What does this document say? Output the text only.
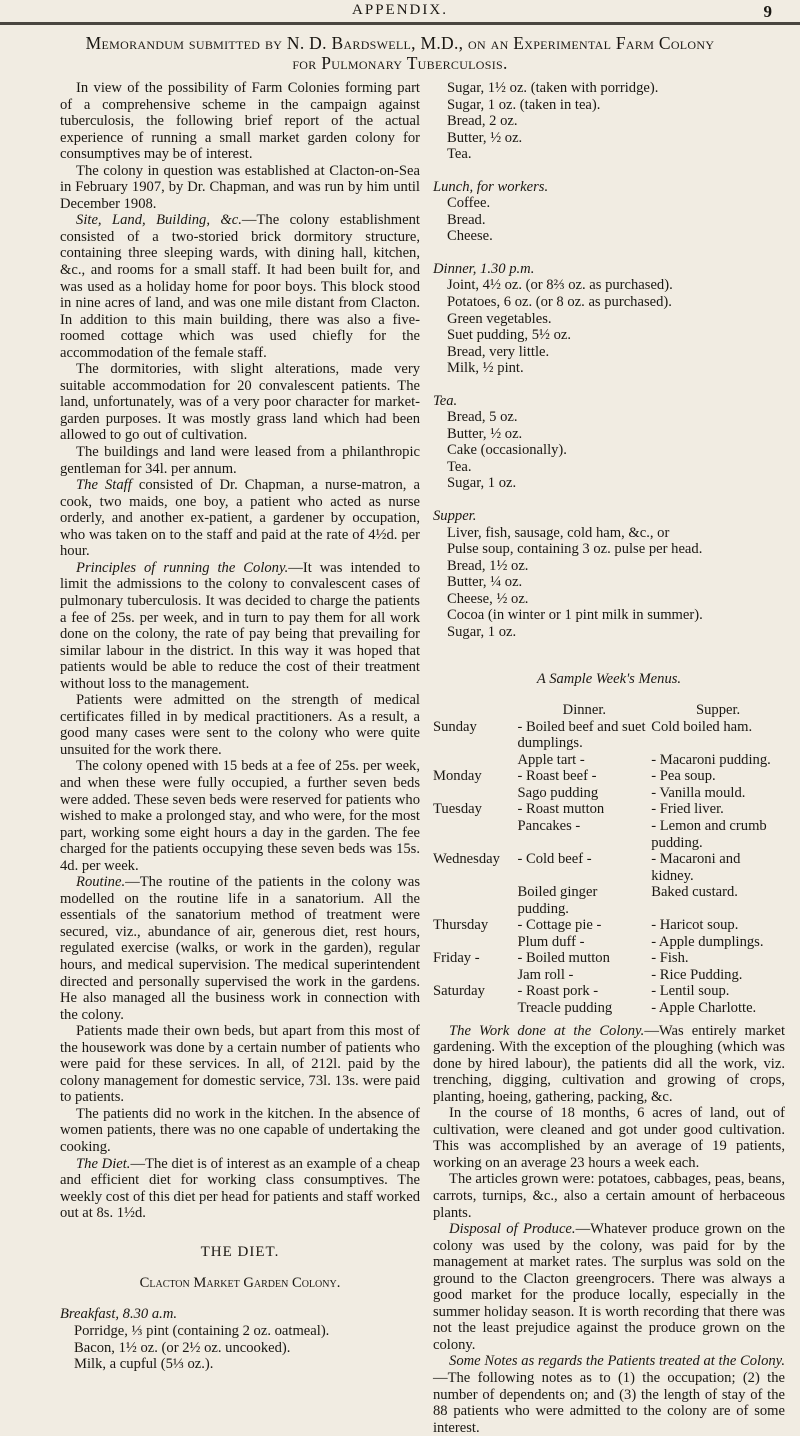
APPENDIX.	9
Memorandum submitted by N. D. Bardswell, M.D., on an Experimental Farm Colony
for Pulmonary Tuberculosis.

In view of the possibility of Farm Colonies forming part of a comprehensive scheme in the campaign against tuberculosis, the following brief report of the actual experience of running a small market garden colony for consumptives may be of interest.

The colony in question was established at Clacton-on-Sea in February 1907, by Dr. Chapman, and was run by him until December 1908.

Site, Land, Building, &c.—The colony establishment consisted of a two-storied brick dormitory structure, containing three sleeping wards, with dining hall, kitchen, &c., and rooms for a small staff. It had been built for, and was used as a holiday home for poor boys. This block stood in nine acres of land, and was one mile distant from Clacton. In addition to this main building, there was also a five-roomed cottage which was used chiefly for the accommodation of the female staff.

The dormitories, with slight alterations, made very suitable accommodation for 20 convalescent patients. The land, unfortunately, was of a very poor character for market-garden purposes. It was mostly grass land which had been allowed to go out of cultivation.

The buildings and land were leased from a philanthropic gentleman for 34l. per annum.

The Staff consisted of Dr. Chapman, a nurse-matron, a cook, two maids, one boy, a patient who acted as nurse orderly, and another ex-patient, a gardener by occupation, who was taken on to the staff and paid at the rate of 4½d. per hour.

Principles of running the Colony.—It was intended to limit the admissions to the colony to convalescent cases of pulmonary tuberculosis. It was decided to charge the patients a fee of 25s. per week, and in turn to pay them for all work done on the colony, the rate of pay being that prevailing for similar labour in the district. In this way it was hoped that patients would be able to reduce the cost of their treatment without loss to the management.

Patients were admitted on the strength of medical certificates filled in by medical practitioners. As a result, a good many cases were sent to the colony who were quite unsuited for the work there.

The colony opened with 15 beds at a fee of 25s. per week, and when these were fully occupied, a further seven beds were added. These seven beds were reserved for patients who wished to make a prolonged stay, and who were, for the most part, working some eight hours a day in the garden. The fee charged for the patients occupying these seven beds was 15s. 4d. per week.

Routine.—The routine of the patients in the colony was modelled on the routine life in a sanatorium. All the essentials of the sanatorium method of treatment were secured, viz., abundance of air, generous diet, rest hours, regulated exercise (walks, or work in the garden), regular hours, and medical supervision. The medical superintendent directed and personally supervised the work in the gardens. He also managed all the business work in connection with the colony.

Patients made their own beds, but apart from this most of the housework was done by a certain number of patients who were paid for these services. In all, of 212l. paid by the colony management for domestic service, 73l. 13s. were paid to patients.

The patients did no work in the kitchen. In the absence of women patients, there was no one capable of undertaking the cooking.

The Diet.—The diet is of interest as an example of a cheap and efficient diet for working class consumptives. The weekly cost of this diet per head for patients and staff worked out at 8s. 1½d.

THE DIET.

Clacton Market Garden Colony.

Breakfast, 8.30 a.m.

Porridge, ⅓ pint (containing 2 oz. oatmeal).

Bacon, 1½ oz. (or 2½ oz. uncooked).

Milk, a cupful (5⅓ oz.).

Sugar, 1½ oz. (taken with porridge).

Sugar, 1 oz. (taken in tea).

Bread, 2 oz.

Butter, ½ oz.

Tea.

Lunch, for workers.

Coffee.

Bread.

Cheese.

Dinner, 1.30 p.m.

Joint, 4½ oz. (or 8⅔ oz. as purchased).

Potatoes, 6 oz. (or 8 oz. as purchased).

Green vegetables.

Suet pudding, 5½ oz.

Bread, very little.

Milk, ½ pint.

Tea.

Bread, 5 oz.

Butter, ½ oz.

Cake (occasionally).

Tea.

Sugar, 1 oz.

Supper.

Liver, fish, sausage, cold ham, &c., or

Pulse soup, containing 3 oz. pulse per head.

Bread, 1½ oz.

Butter, ¼ oz.

Cheese, ½ oz.

Cocoa (in winter or 1 pint milk in summer).

Sugar, 1 oz.

A Sample Week's Menus.

	Dinner.	Supper.
Sunday	- Boiled beef and suet dumplings.	Cold boiled ham.
	Apple tart -	- Macaroni pudding.
Monday	- Roast beef -	- Pea soup.
	Sago pudding	- Vanilla mould.
Tuesday	- Roast mutton	- Fried liver.
	Pancakes -	- Lemon and crumb pudding.
Wednesday	- Cold beef -	- Macaroni and kidney.
	Boiled ginger pudding.	Baked custard.
Thursday	- Cottage pie -	- Haricot soup.
	Plum duff -	- Apple dumplings.
Friday -	- Boiled mutton	- Fish.
	Jam roll -	- Rice Pudding.
Saturday	- Roast pork -	- Lentil soup.
	Treacle pudding	- Apple Charlotte.

The Work done at the Colony.—Was entirely market gardening. With the exception of the ploughing (which was done by hired labour), the patients did all the work, viz. trenching, digging, cultivation and growing of crops, planting, hoeing, gathering, packing, &c.

In the course of 18 months, 6 acres of land, out of cultivation, were cleaned and got under good cultivation. This was accomplished by an average of 19 patients, working on an average 23 hours a week each.

The articles grown were: potatoes, cabbages, peas, beans, carrots, turnips, &c., also a certain amount of herbaceous plants.

Disposal of Produce.—Whatever produce grown on the colony was used by the colony, was paid for by the management at market rates. The surplus was sold on the ground to the Clacton greengrocers. There was always a good market for the produce locally, especially in the summer holiday season. It is worth recording that there was not the least prejudice against the produce grown on the colony.

Some Notes as regards the Patients treated at the Colony.—The following notes as to (1) the occupation; (2) the number of dependents on; and (3) the length of stay of the 88 patients who were admitted to the colony are of some interest.
